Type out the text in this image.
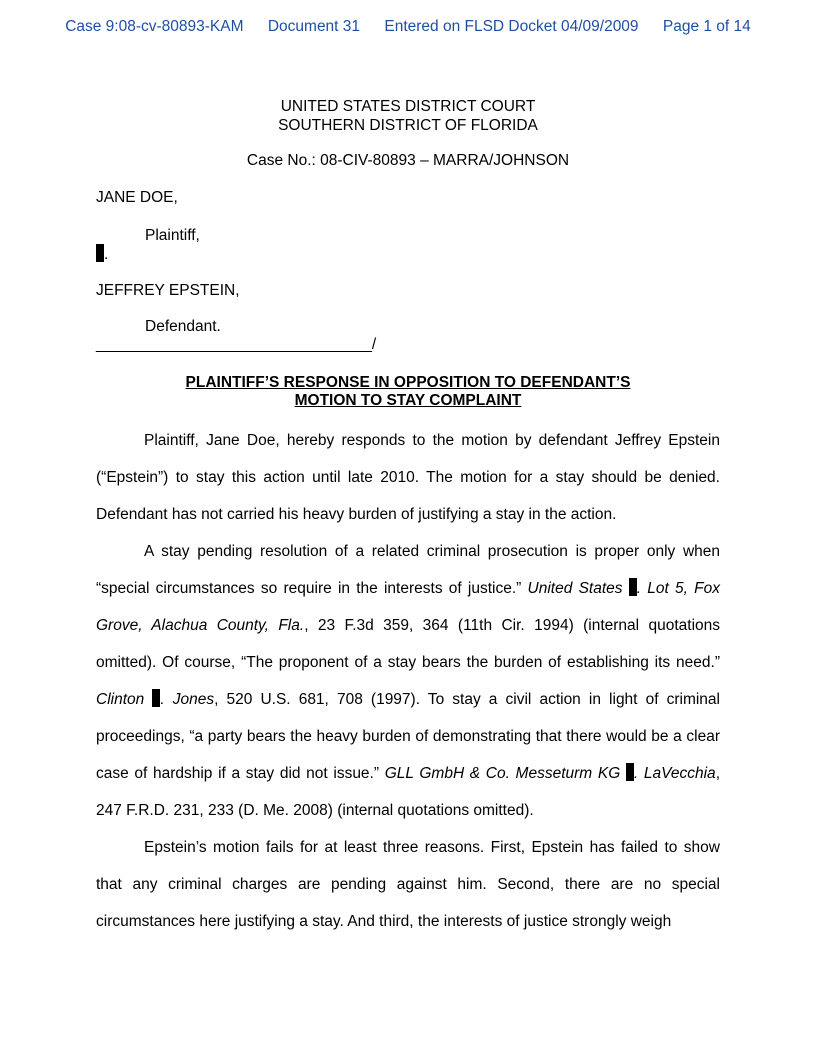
Case 9:08-cv-80893-KAM Document 31 Entered on FLSD Docket 04/09/2009 Page 1 of 14
UNITED STATES DISTRICT COURT
SOUTHERN DISTRICT OF FLORIDA
Case No.: 08-CIV-80893 – MARRA/JOHNSON
JANE DOE,
Plaintiff,
.
JEFFREY EPSTEIN,
Defendant.
________________________________/
PLAINTIFF’S RESPONSE IN OPPOSITION TO DEFENDANT’S
MOTION TO STAY COMPLAINT

Plaintiff, Jane Doe, hereby responds to the motion by defendant Jeffrey Epstein (“Epstein”) to stay this action until late 2010. The motion for a stay should be denied. Defendant has not carried his heavy burden of justifying a stay in the action.

A stay pending resolution of a related criminal prosecution is proper only when “special circumstances so require in the interests of justice.” United States . Lot 5, Fox Grove, Alachua County, Fla., 23 F.3d 359, 364 (11th Cir. 1994) (internal quotations omitted). Of course, “The proponent of a stay bears the burden of establishing its need.” Clinton . Jones, 520 U.S. 681, 708 (1997). To stay a civil action in light of criminal proceedings, “a party bears the heavy burden of demonstrating that there would be a clear case of hardship if a stay did not issue.” GLL GmbH & Co. Messeturm KG . LaVecchia, 247 F.R.D. 231, 233 (D. Me. 2008) (internal quotations omitted).

Epstein’s motion fails for at least three reasons. First, Epstein has failed to show that any criminal charges are pending against him. Second, there are no special circumstances here justifying a stay. And third, the interests of justice strongly weigh
